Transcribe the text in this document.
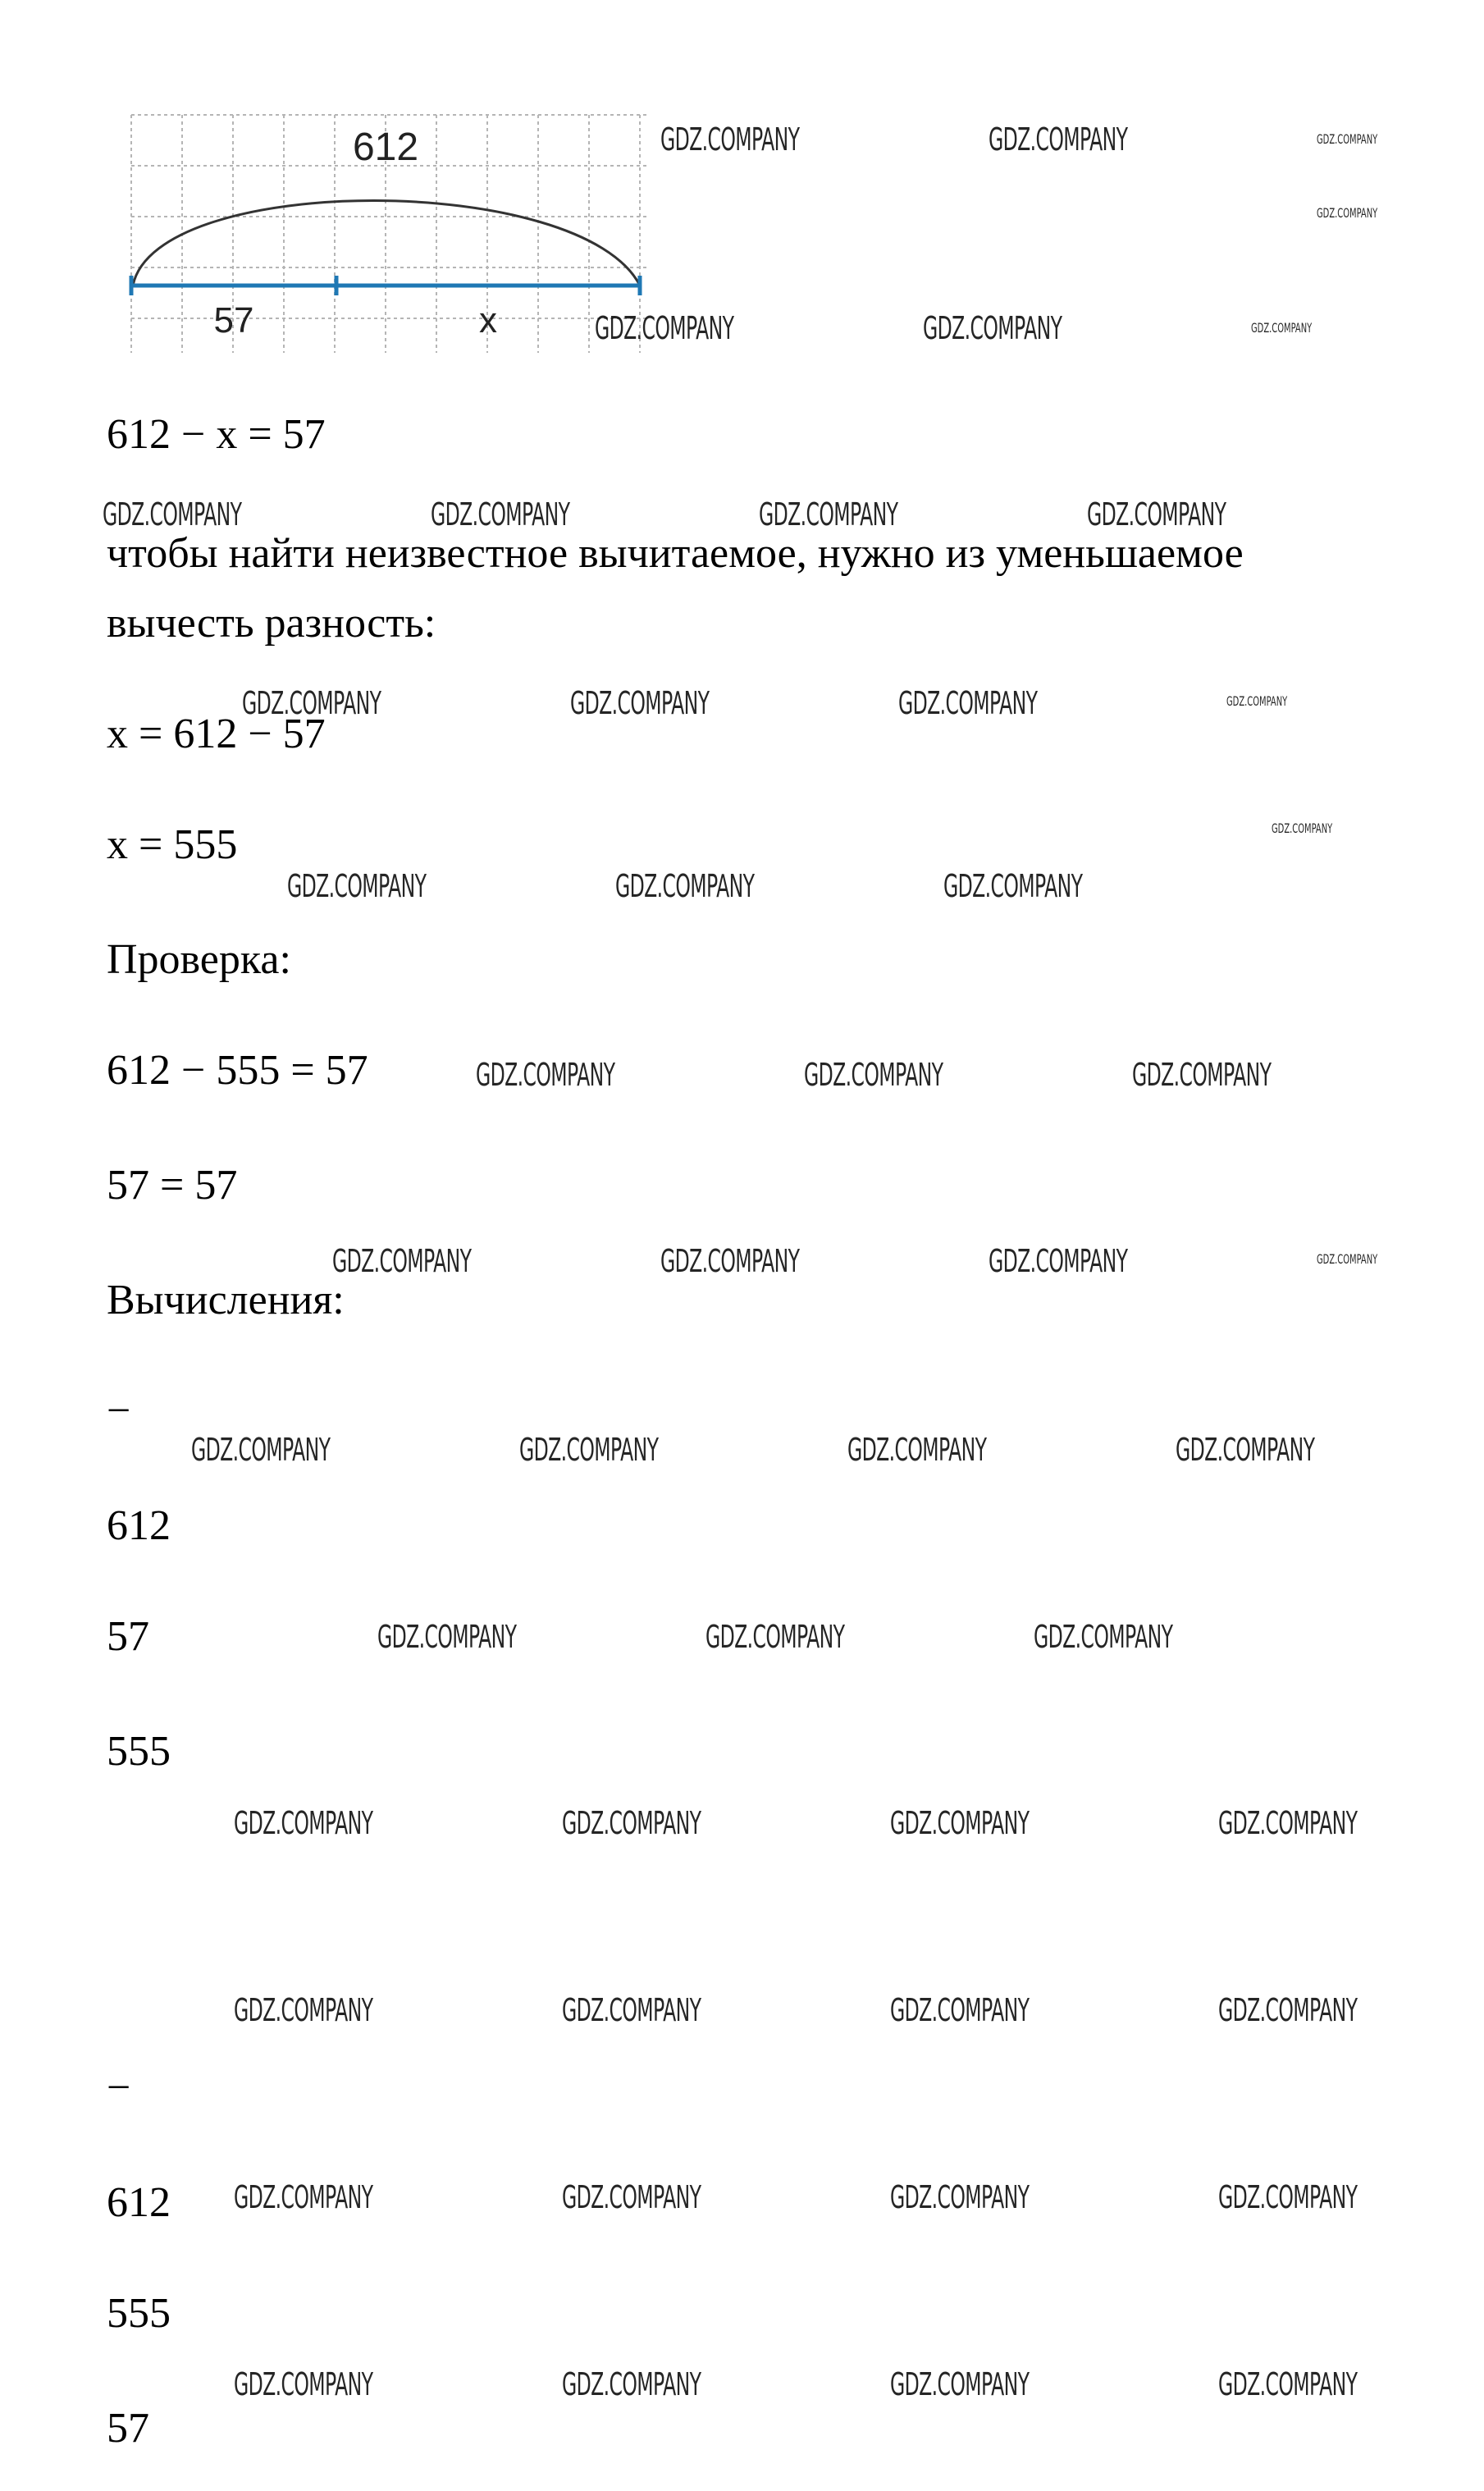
612
57	x
612 − x = 57
чтобы найти неизвестное вычитаемое, нужно из уменьшаемое
вычесть разность:
x = 612 − 57
x = 555
Проверка:
612 − 555 = 57
57 = 57
Вычисления:
−
612
57
555
−
612
555
57
GDZ.COMPANY	GDZ.COMPANY	GDZ.COMPANY
GDZ.COMPANY
GDZ.COMPANY	GDZ.COMPANY	GDZ.COMPANY
GDZ.COMPANY	GDZ.COMPANY	GDZ.COMPANY	GDZ.COMPANY
GDZ.COMPANY	GDZ.COMPANY	GDZ.COMPANY	GDZ.COMPANY
GDZ.COMPANY
GDZ.COMPANY	GDZ.COMPANY	GDZ.COMPANY
GDZ.COMPANY	GDZ.COMPANY	GDZ.COMPANY
GDZ.COMPANY	GDZ.COMPANY	GDZ.COMPANY	GDZ.COMPANY
GDZ.COMPANY	GDZ.COMPANY	GDZ.COMPANY	GDZ.COMPANY
GDZ.COMPANY	GDZ.COMPANY	GDZ.COMPANY
GDZ.COMPANY	GDZ.COMPANY	GDZ.COMPANY	GDZ.COMPANY
GDZ.COMPANY	GDZ.COMPANY	GDZ.COMPANY	GDZ.COMPANY
GDZ.COMPANY	GDZ.COMPANY	GDZ.COMPANY	GDZ.COMPANY
GDZ.COMPANY	GDZ.COMPANY	GDZ.COMPANY	GDZ.COMPANY
